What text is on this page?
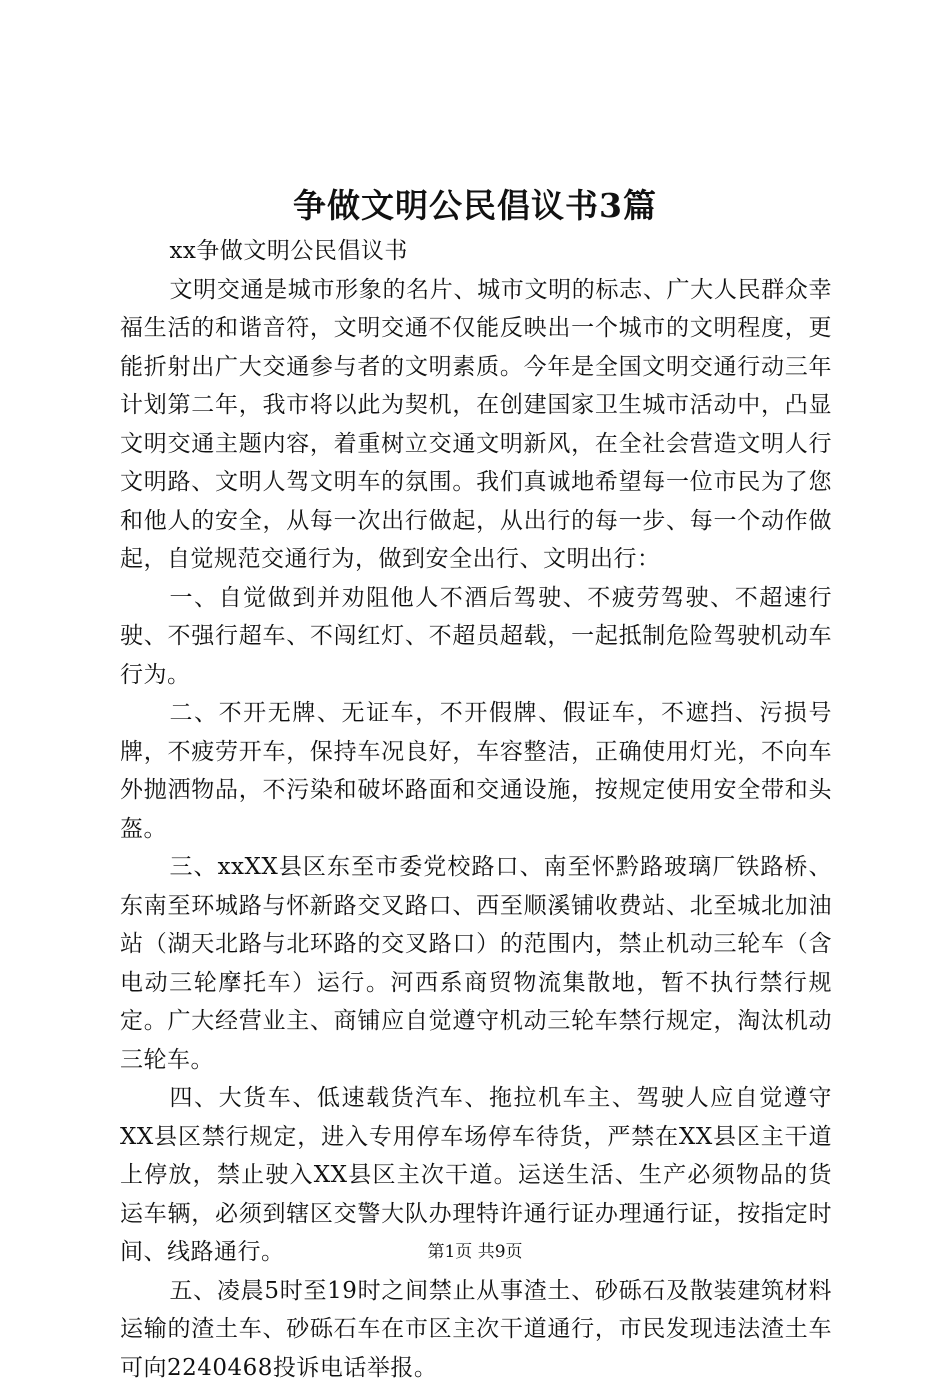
争做文明公民倡议书3篇

xx争做文明公民倡议书

文明交通是城市形象的名片、城市文明的标志、广大人民群众幸福生活的和谐音符，文明交通不仅能反映出一个城市的文明程度，更能折射出广大交通参与者的文明素质。今年是全国文明交通行动三年计划第二年，我市将以此为契机，在创建国家卫生城市活动中，凸显文明交通主题内容，着重树立交通文明新风，在全社会营造文明人行文明路、文明人驾文明车的氛围。我们真诚地希望每一位市民为了您和他人的安全，从每一次出行做起，从出行的每一步、每一个动作做起，自觉规范交通行为，做到安全出行、文明出行：

一、自觉做到并劝阻他人不酒后驾驶、不疲劳驾驶、不超速行驶、不强行超车、不闯红灯、不超员超载，一起抵制危险驾驶机动车行为。

二、不开无牌、无证车，不开假牌、假证车，不遮挡、污损号牌，不疲劳开车，保持车况良好，车容整洁，正确使用灯光，不向车外抛洒物品，不污染和破坏路面和交通设施，按规定使用安全带和头盔。

三、xxXX县区东至市委党校路口、南至怀黔路玻璃厂铁路桥、东南至环城路与怀新路交叉路口、西至顺溪铺收费站、北至城北加油站（湖天北路与北环路的交叉路口）的范围内，禁止机动三轮车（含电动三轮摩托车）运行。河西系商贸物流集散地，暂不执行禁行规定。广大经营业主、商铺应自觉遵守机动三轮车禁行规定，淘汰机动三轮车。

四、大货车、低速载货汽车、拖拉机车主、驾驶人应自觉遵守XX县区禁行规定，进入专用停车场停车待货，严禁在XX县区主干道上停放，禁止驶入XX县区主次干道。运送生活、生产必须物品的货运车辆，必须到辖区交警大队办理特许通行证办理通行证，按指定时间、线路通行。

五、凌晨5时至19时之间禁止从事渣土、砂砾石及散装建筑材料运输的渣土车、砂砾石车在市区主次干道通行，市民发现违法渣土车可向2240468投诉电话举报。

第1页 共9页
